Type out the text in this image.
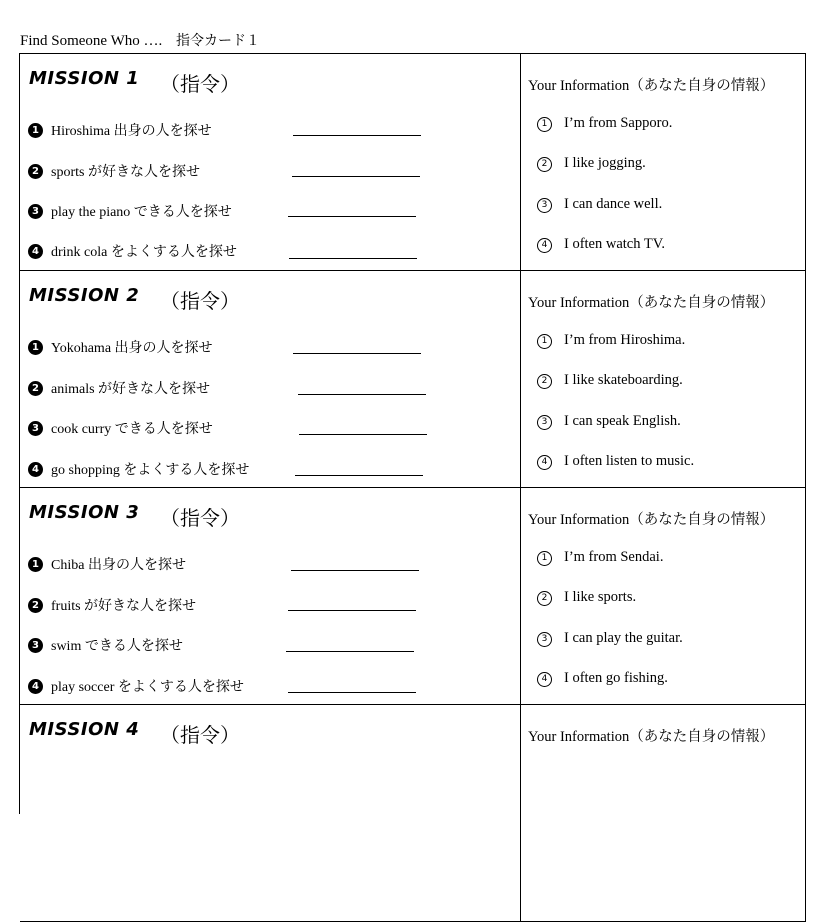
Find Someone Who …. 指令カード１
MISSION 1 （指令）
1 Hiroshima 出身の人を探せ
2 sports が好きな人を探せ
3 play the piano できる人を探せ
4 drink cola をよくする人を探せ
Your Information（あなた自身の情報）
1 I’m from Sapporo.
2 I like jogging.
3 I can dance well.
4 I often watch TV.
MISSION 2 （指令）
1 Yokohama 出身の人を探せ
2 animals が好きな人を探せ
3 cook curry できる人を探せ
4 go shopping をよくする人を探せ
Your Information（あなた自身の情報）
1 I’m from Hiroshima.
2 I like skateboarding.
3 I can speak English.
4 I often listen to music.
MISSION 3 （指令）
1 Chiba 出身の人を探せ
2 fruits が好きな人を探せ
3 swim できる人を探せ
4 play soccer をよくする人を探せ
Your Information（あなた自身の情報）
1 I’m from Sendai.
2 I like sports.
3 I can play the guitar.
4 I often go fishing.
MISSION 4 （指令）	Your Information（あなた自身の情報）
